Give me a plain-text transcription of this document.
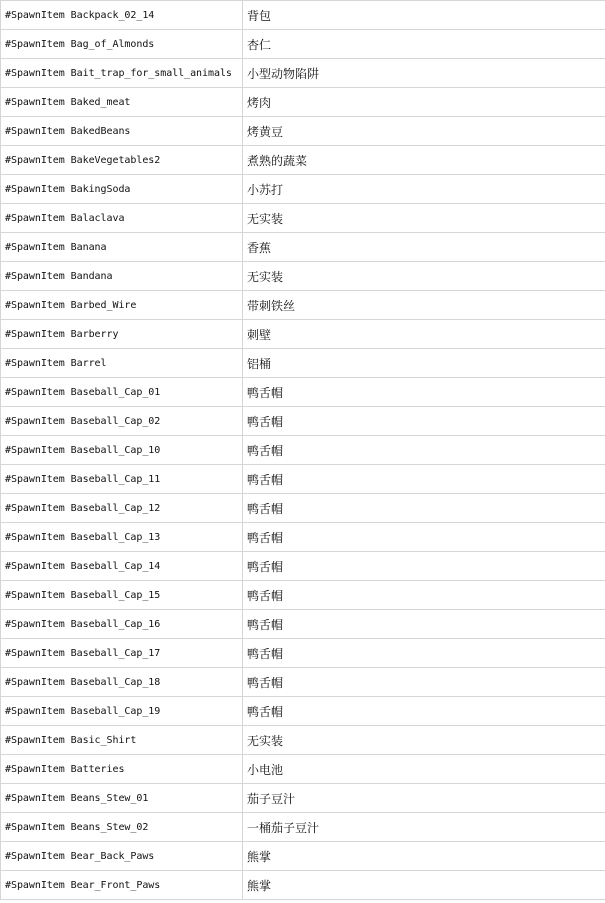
#SpawnItem Backpack_02_14	背包
#SpawnItem Bag_of_Almonds	杏仁
#SpawnItem Bait_trap_for_small_animals	小型动物陷阱
#SpawnItem Baked_meat	烤肉
#SpawnItem BakedBeans	烤黄豆
#SpawnItem BakeVegetables2	煮熟的蔬菜
#SpawnItem BakingSoda	小苏打
#SpawnItem Balaclava	无实装
#SpawnItem Banana	香蕉
#SpawnItem Bandana	无实装
#SpawnItem Barbed_Wire	带刺铁丝
#SpawnItem Barberry	刺壁
#SpawnItem Barrel	铝桶
#SpawnItem Baseball_Cap_01	鸭舌帽
#SpawnItem Baseball_Cap_02	鸭舌帽
#SpawnItem Baseball_Cap_10	鸭舌帽
#SpawnItem Baseball_Cap_11	鸭舌帽
#SpawnItem Baseball_Cap_12	鸭舌帽
#SpawnItem Baseball_Cap_13	鸭舌帽
#SpawnItem Baseball_Cap_14	鸭舌帽
#SpawnItem Baseball_Cap_15	鸭舌帽
#SpawnItem Baseball_Cap_16	鸭舌帽
#SpawnItem Baseball_Cap_17	鸭舌帽
#SpawnItem Baseball_Cap_18	鸭舌帽
#SpawnItem Baseball_Cap_19	鸭舌帽
#SpawnItem Basic_Shirt	无实装
#SpawnItem Batteries	小电池
#SpawnItem Beans_Stew_01	茄子豆汁
#SpawnItem Beans_Stew_02	一桶茄子豆汁
#SpawnItem Bear_Back_Paws	熊掌
#SpawnItem Bear_Front_Paws	熊掌
